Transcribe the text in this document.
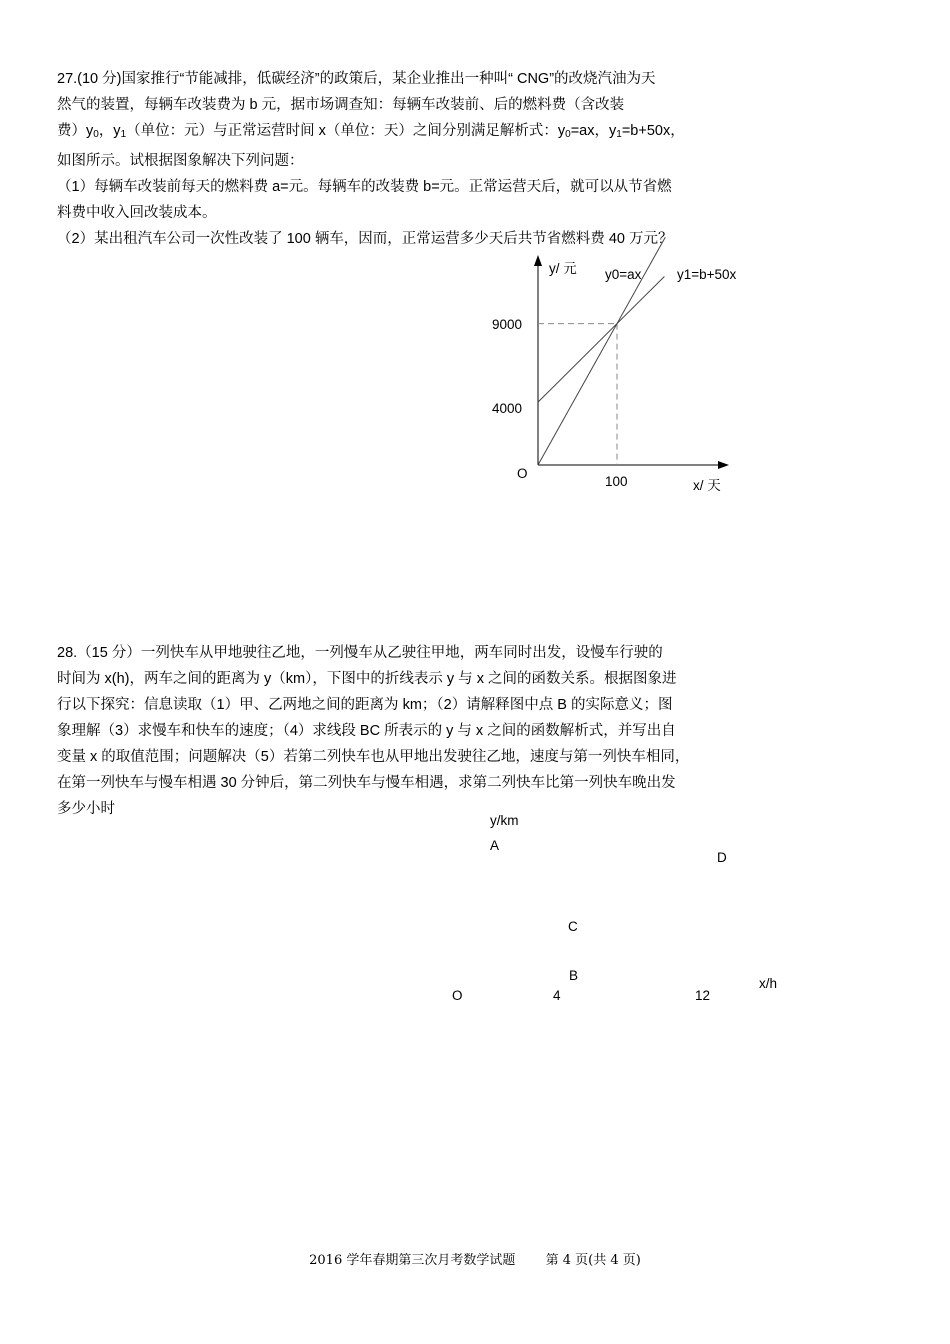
27.(10 分)国家推行“节能减排，低碳经济”的政策后，某企业推出一种叫“ CNG”的改烧汽油为天
然气的装置，每辆车改装费为 b 元，据市场调查知：每辆车改装前、后的燃料费（含改装
费）$y_0$，$y_1$（单位：元）与正常运营时间 x（单位：天）之间分别满足解析式：$y_0=ax$，$y_1=b+50x$，
如图所示。试根据图象解决下列问题：
（1）每辆车改装前每天的燃料费 a=元。每辆车的改装费 b=元。正常运营天后，就可以从节省燃
料费中收入回改装成本。
（2）某出租汽车公司一次性改装了 100 辆车，因而，正常运营多少天后共节省燃料费 40 万元？
y/ 元 y0=ax	y1=b+50x
9000
4000
O
100	x/ 天
28.（15 分）一列快车从甲地驶往乙地，一列慢车从乙驶往甲地，两车同时出发，设慢车行驶的
时间为 x(h)，两车之间的距离为 y（km），下图中的折线表示 y 与 x 之间的函数关系。根据图象进
行以下探究：信息读取（1）甲、乙两地之间的距离为 km；（2）请解释图中点 B 的实际意义；图
象理解（3）求慢车和快车的速度；（4）求线段 BC 所表示的 y 与 x 之间的函数解析式，并写出自
变量 x 的取值范围；问题解决（5）若第二列快车也从甲地出发驶往乙地，速度与第一列快车相同，
在第一列快车与慢车相遇 30 分钟后，第二列快车与慢车相遇，求第二列快车比第一列快车晚出发
多少小时
y/km
A
D
C
B
x/h
O	4	12
2016 学年春期第三次月考数学试题 第 4 页(共 4 页)
